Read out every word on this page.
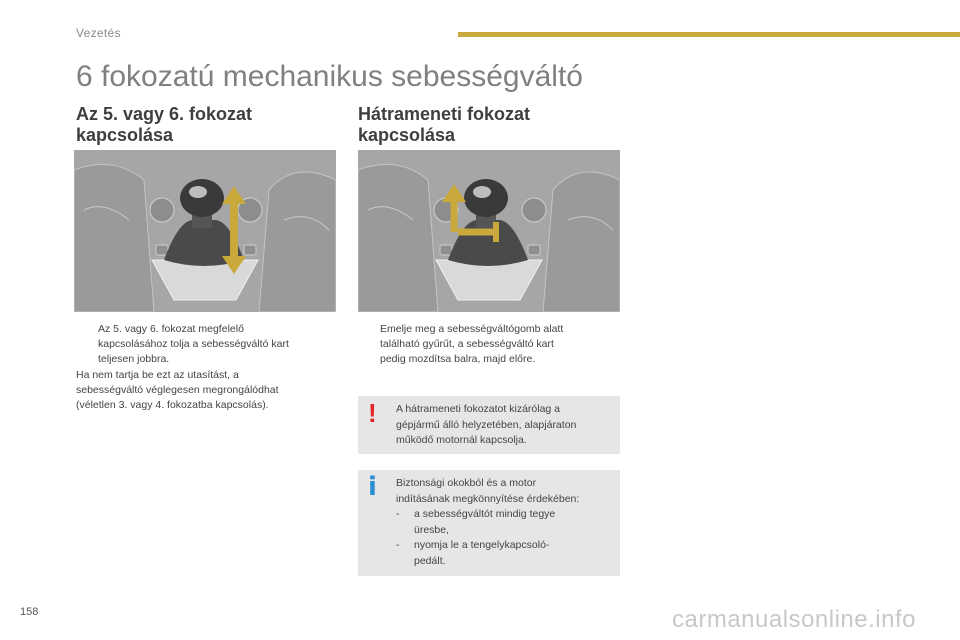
Vezetés
6 fokozatú mechanikus sebességváltó
Az 5. vagy 6. fokozat
kapcsolása
Az 5. vagy 6. fokozat megfelelő
kapcsolásához tolja a sebességváltó kart
teljesen jobbra.
Ha nem tartja be ezt az utasítást, a
sebességváltó véglegesen megrongálódhat
(véletlen 3. vagy 4. fokozatba kapcsolás).
Hátrameneti fokozat
kapcsolása
Emelje meg a sebességváltógomb alatt
található gyűrűt, a sebességváltó kart
pedig mozdítsa balra, majd előre.
! A hátrameneti fokozatot kizárólag a
gépjármű álló helyzetében, alapjáraton
működő motornál kapcsolja.
i Biztonsági okokból és a motor
indításának megkönnyítése érdekében:
- a sebességváltót mindig tegye
üresbe,
- nyomja le a tengelykapcsoló-
pedált.
158	carmanualsonline.info
